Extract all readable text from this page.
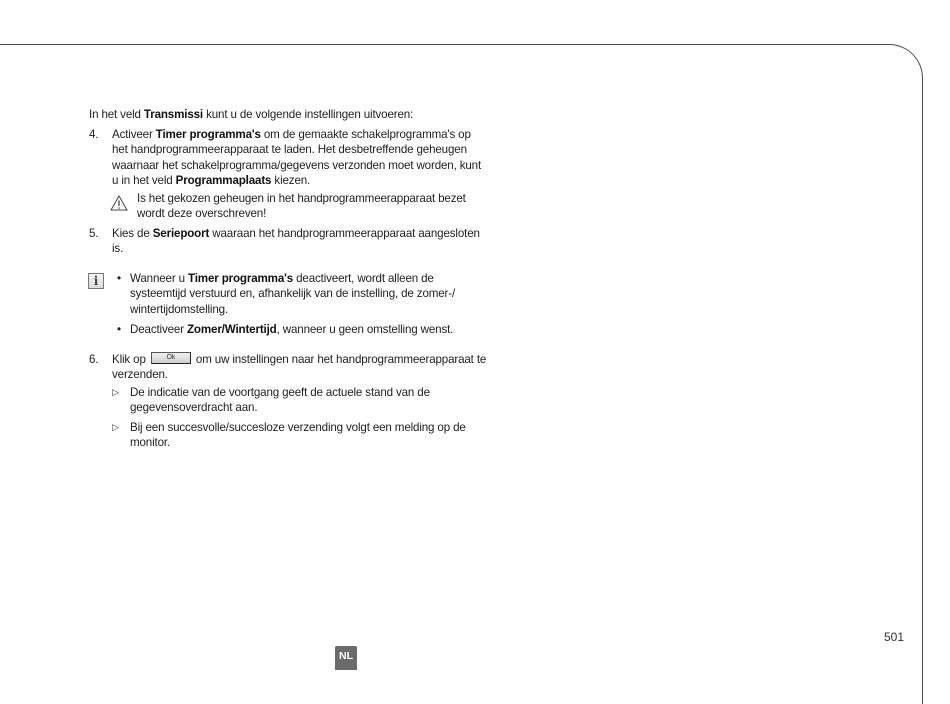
In het veld Transmissi kunt u de volgende instellingen uitvoeren:

4. Activeer Timer programma's om de gemaakte schakelprogramma's op het handprogrammeerapparaat te laden. Het desbetreffende geheugen waarnaar het schakelprogramma/gegevens verzonden moet worden, kunt u in het veld Programmaplaats kiezen.
Is het gekozen geheugen in het handprogrammeerapparaat bezet wordt deze overschreven!
5. Kies de Seriepoort waaraan het handprogrammeerapparaat aangesloten is.
i
•	Wanneer u Timer programma's deactiveert, wordt alleen de systeemtijd verstuurd en, afhankelijk van de instelling, de zomer-/ wintertijdomstelling.
• Deactiveer Zomer/Wintertijd, wanneer u geen omstelling wenst.
6. Klik op	Ok om uw instellingen naar het handprogrammeerapparaat te verzenden.
▷ De indicatie van de voortgang geeft de actuele stand van de gegevensoverdracht aan.
▷ Bij een succesvolle/succesloze verzending volgt een melding op de monitor.
501
NL
